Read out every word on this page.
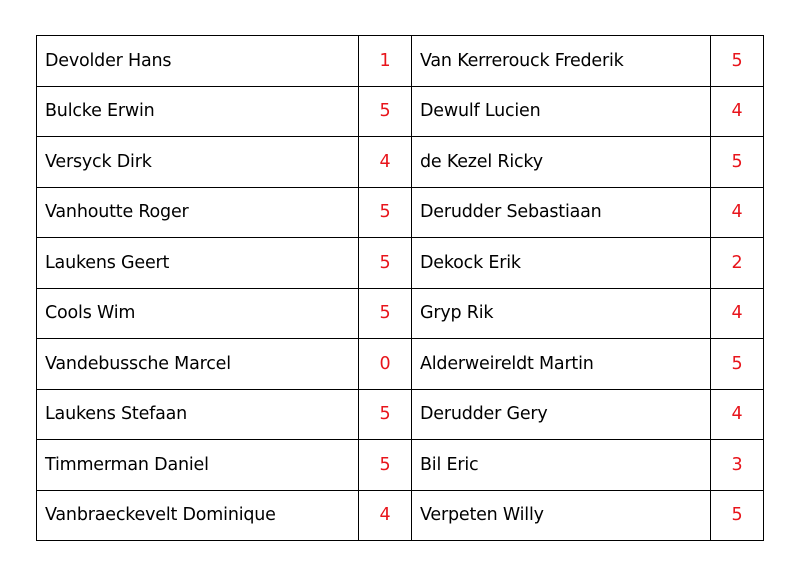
Devolder Hans	1	Van Kerrerouck Frederik	5
Bulcke Erwin	5	Dewulf Lucien	4
Versyck Dirk	4	de Kezel Ricky	5
Vanhoutte Roger	5	Derudder Sebastiaan	4
Laukens Geert	5	Dekock Erik	2
Cools Wim	5	Gryp Rik	4
Vandebussche Marcel	0	Alderweireldt Martin	5
Laukens Stefaan	5	Derudder Gery	4
Timmerman Daniel	5	Bil Eric	3
Vanbraeckevelt Dominique	4	Verpeten Willy	5
